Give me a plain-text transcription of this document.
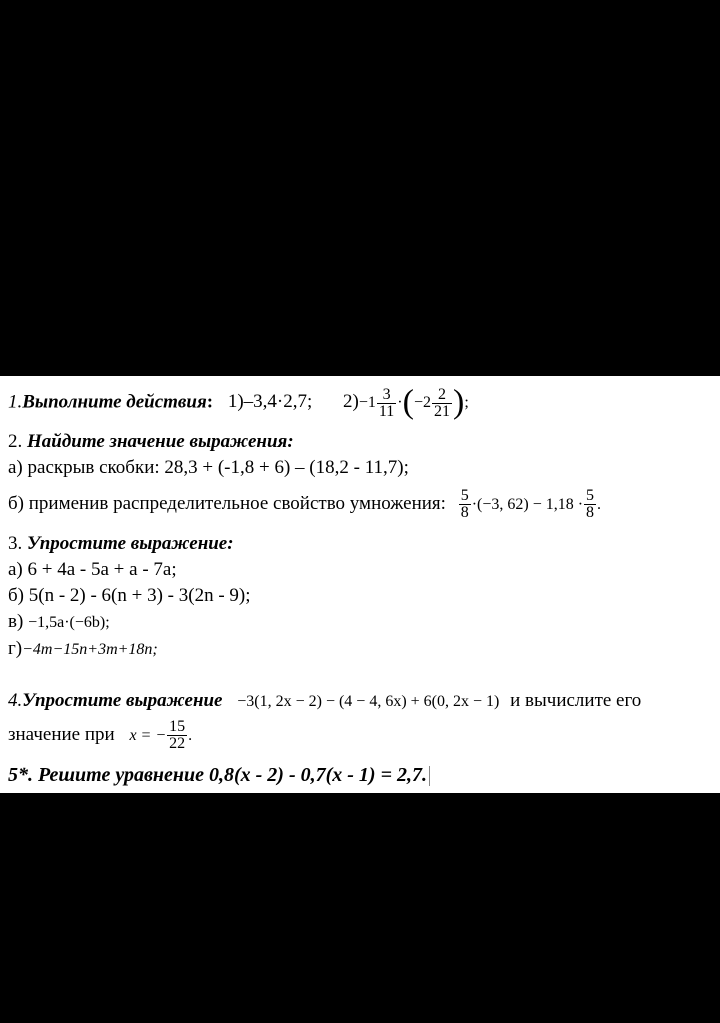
1.Выполните действия: 1)–3,4·2,7; $2)-1 \frac{3}{11} \cdot(-2 \frac{2}{21}$ );
2. Найдите значение выражения:
а) раскрыв скобки: 28,3 + (-1,8 + 6) – (18,2 - 11,7);
б) применив распределительное свойство умножения: $\frac{5}{8} \cdot(-3$, $62) - 1,18 \cdot \frac{5}{8}$ .
3. Упростите выражение:
а) 6 + 4a - 5a + a - 7a;
б) 5(n - 2) - 6(n + 3) - 3(2n - 9);
в) −1,5a·(−6b);
г)−4m−15n+3m+18n;
4.Упростите выражение −3(1, 2x − 2) − (4 − 4, 6x) + 6(0, 2x − 1) и вычислите его
значение при x = − $\frac{15}{22}$ .
5*. Решите уравнение 0,8(x - 2) - 0,7(x - 1) = 2,7.
